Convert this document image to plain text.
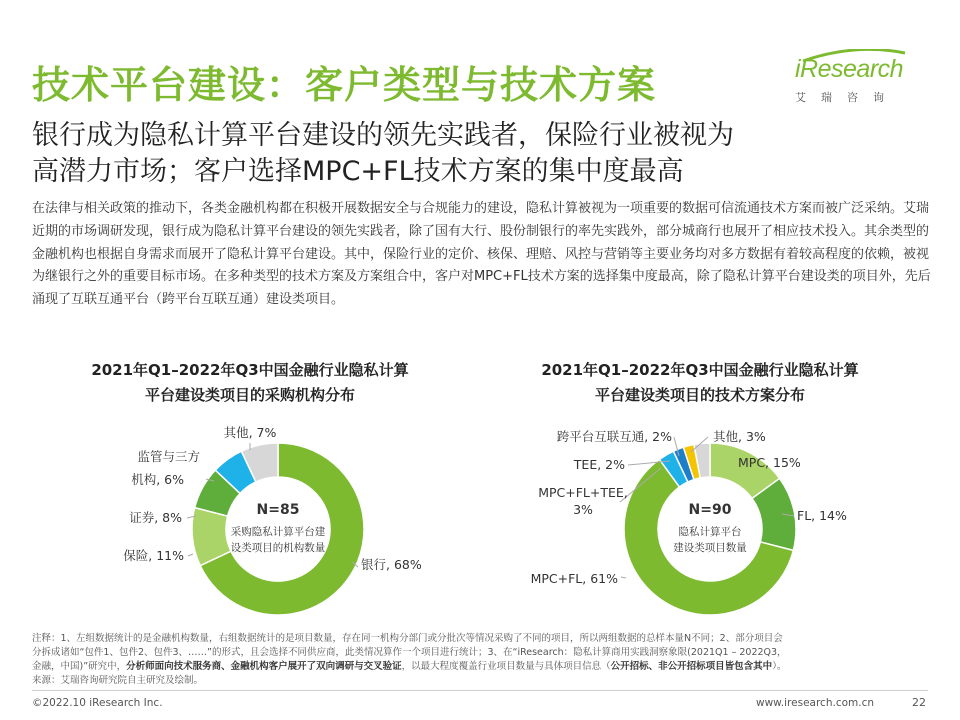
技术平台建设：客户类型与技术方案	iResearch
艾瑞咨询
银行成为隐私计算平台建设的领先实践者，保险行业被视为
高潜力市场；客户选择MPC+FL技术方案的集中度最高
在法律与相关政策的推动下，各类金融机构都在积极开展数据安全与合规能力的建设，隐私计算被视为一项重要的数据可信流通技术方案而被广泛采纳。艾瑞近期的市场调研发现，银行成为隐私计算平台建设的领先实践者，除了国有大行、股份制银行的率先实践外，部分城商行也展开了相应技术投入。其余类型的金融机构也根据自身需求而展开了隐私计算平台建设。其中，保险行业的定价、核保、理赔、风控与营销等主要业务均对多方数据有着较高程度的依赖，被视为继银行之外的重要目标市场。在多种类型的技术方案及方案组合中，客户对MPC+FL技术方案的选择集中度最高，除了隐私计算平台建设类的项目外，先后涌现了互联互通平台（跨平台互联互通）建设类项目。
2021年Q1–2022年Q3中国金融行业隐私计算
平台建设类项目的采购机构分布
2021年Q1–2022年Q3中国金融行业隐私计算
平台建设类项目的技术方案分布
N=85
采购隐私计算平台建
设类项目的机构数量
银行, 68%
保险, 11%
证券, 8%
监管与三方
机构, 6%
其他, 7%
N=90
隐私计算平台
建设类项目数量
MPC, 15%
FL, 14%
MPC+FL, 61%
MPC+FL+TEE,
3%
TEE, 2%
跨平台互联互通, 2%	其他, 3%
注释：1、左组数据统计的是金融机构数量，右组数据统计的是项目数量，存在同一机构分部门或分批次等情况采购了不同的项目，所以两组数据的总样本量N不同；2、部分项目会
分拆成诸如“包件1、包件2、包件3、……”的形式，且会选择不同供应商，此类情况算作一个项目进行统计；3、在“iResearch：隐私计算商用实践洞察象限(2021Q1 – 2022Q3，
金融，中国)”研究中，分析师面向技术服务商、金融机构客户展开了双向调研与交叉验证，以最大程度覆盖行业项目数量与具体项目信息（公开招标、非公开招标项目皆包含其中）。
来源：艾瑞咨询研究院自主研究及绘制。
©2022.10 iResearch Inc.	www.iresearch.com.cn	22
